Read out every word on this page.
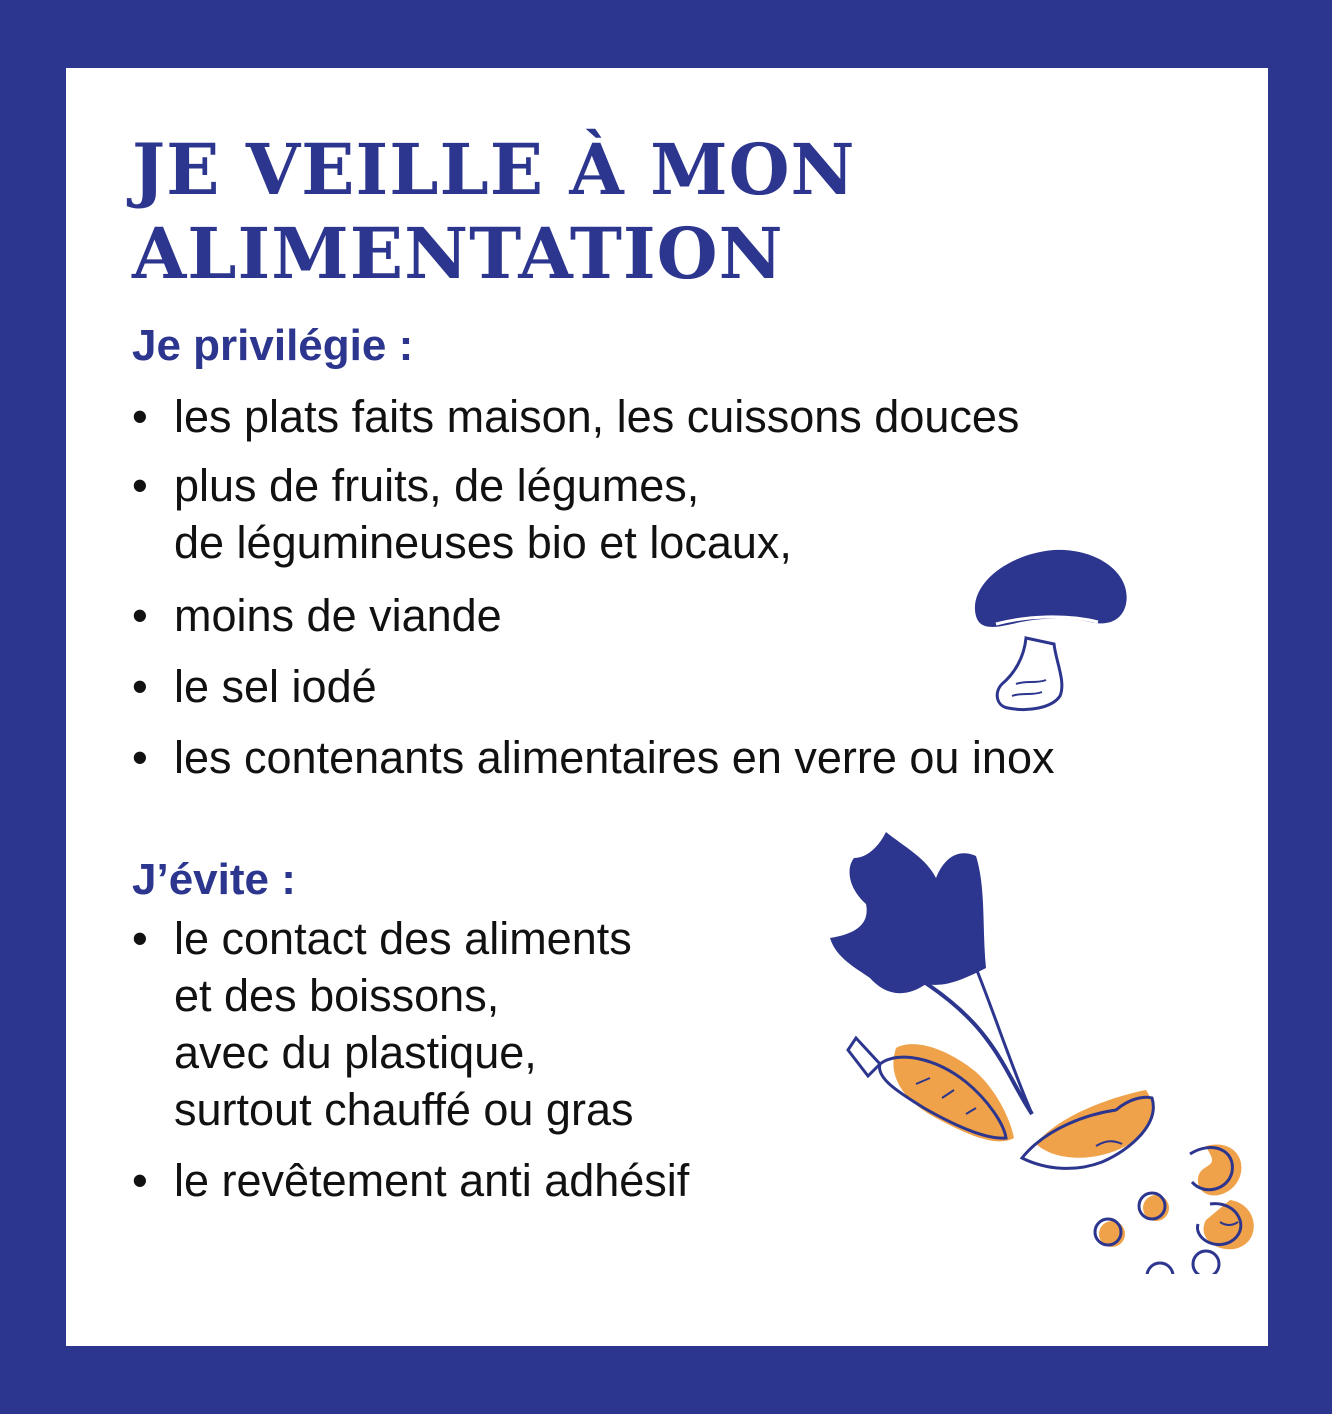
JE VEILLE À MON
ALIMENTATION
Je privilégie :
• les plats faits maison, les cuissons douces
• plus de fruits, de légumes,
de légumineuses bio et locaux,
• moins de viande
• le sel iodé
• les contenants alimentaires en verre ou inox
J’évite :
• le contact des aliments
et des boissons,
avec du plastique,
surtout chauffé ou gras
• le revêtement anti adhésif
